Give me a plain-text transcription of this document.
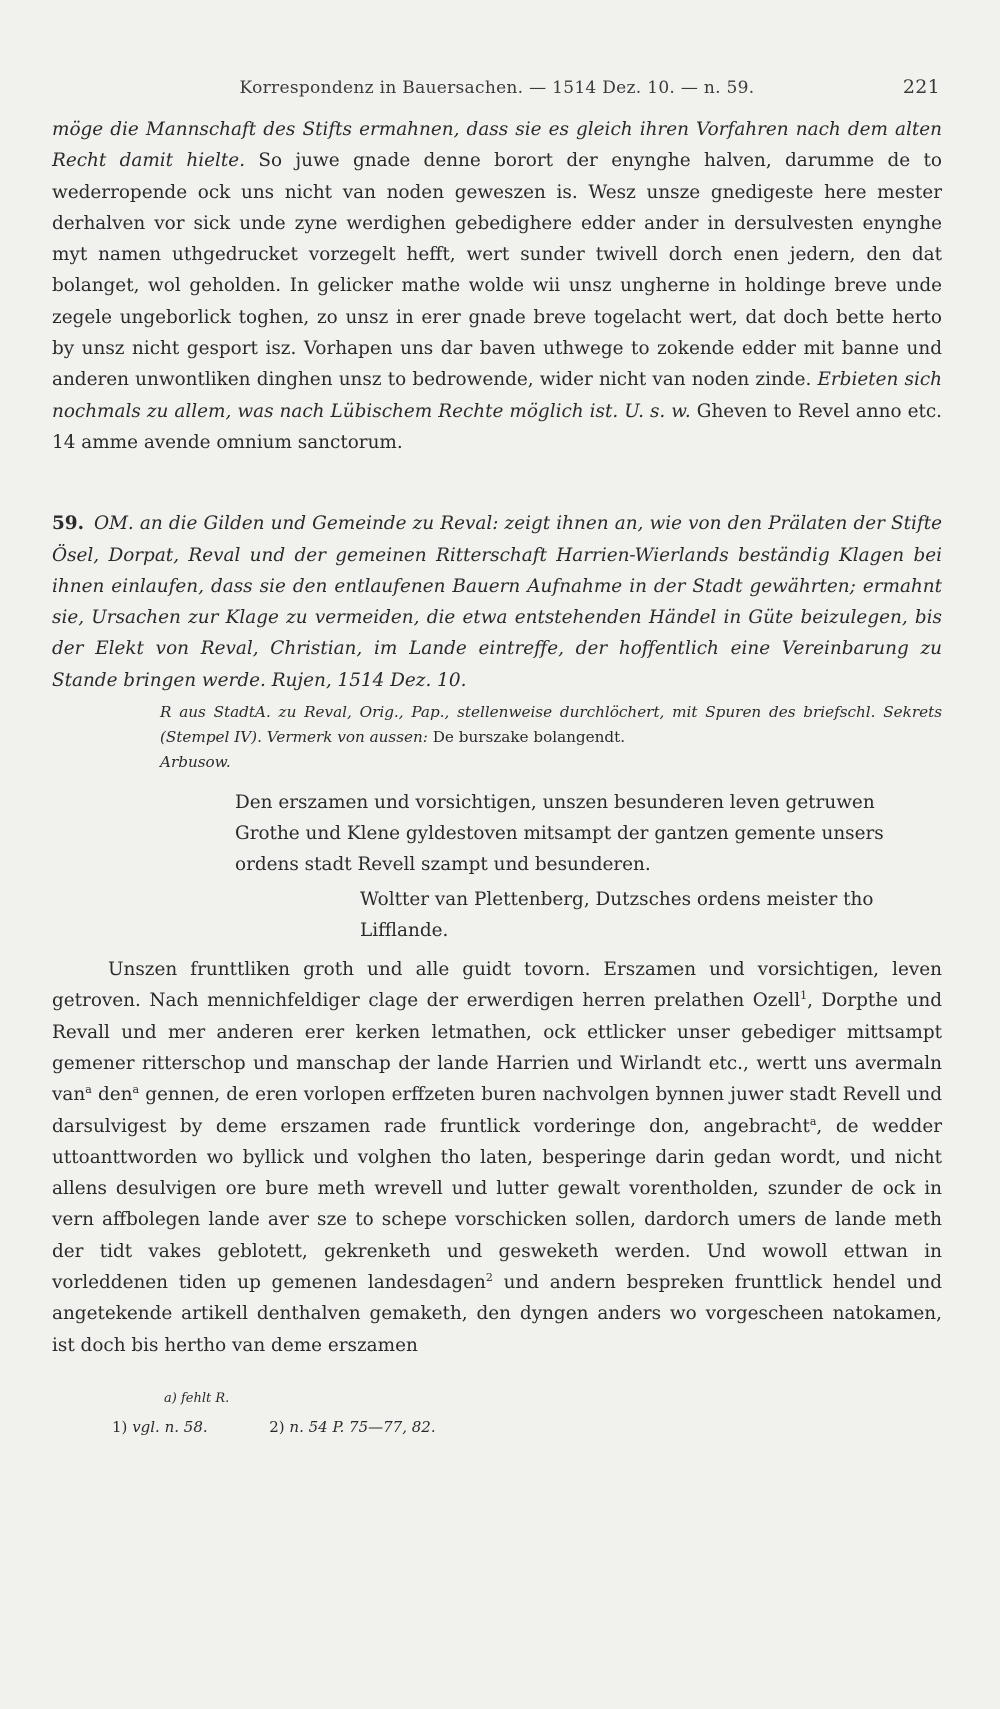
Korrespondenz in Bauersachen. — 1514 Dez. 10. — n. 59.	221

möge die Mannschaft des Stifts ermahnen, dass sie es gleich ihren Vorfahren nach dem alten Recht damit hielte. So juwe gnade denne borort der enynghe halven, darumme de to wederropende ock uns nicht van noden geweszen is. Wesz unsze gnedigeste here mester derhalven vor sick unde zyne werdighen gebedighere edder ander in dersulvesten enynghe myt namen uthgedrucket vorzegelt hefft, wert sunder twivell dorch enen jedern, den dat bolanget, wol geholden. In gelicker mathe wolde wii unsz ungherne in holdinge breve unde zegele ungeborlick toghen, zo unsz in erer gnade breve togelacht wert, dat doch bette herto by unsz nicht gesport isz. Vorhapen uns dar baven uthwege to zokende edder mit banne und anderen unwontliken dinghen unsz to bedrowende, wider nicht van noden zinde. Erbieten sich nochmals zu allem, was nach Lübischem Rechte möglich ist. U. s. w. Gheven to Revel anno etc. 14 amme avende omnium sanctorum.

59. OM. an die Gilden und Gemeinde zu Reval: zeigt ihnen an, wie von den Prälaten der Stifte Ösel, Dorpat, Reval und der gemeinen Ritterschaft Harrien-Wierlands beständig Klagen bei ihnen einlaufen, dass sie den entlaufenen Bauern Aufnahme in der Stadt gewährten; ermahnt sie, Ursachen zur Klage zu vermeiden, die etwa entstehenden Händel in Güte beizulegen, bis der Elekt von Reval, Christian, im Lande eintreffe, der hoffentlich eine Vereinbarung zu Stande bringen werde. Rujen, 1514 Dez. 10.

R aus StadtA. zu Reval, Orig., Pap., stellenweise durchlöchert, mit Spuren des briefschl. Sekrets (Stempel IV). Vermerk von aussen: De burszake bolangendt.
Arbusow.

Den erszamen und vorsichtigen, unszen besunderen leven getruwen Grothe und Klene gyldestoven mitsampt der gantzen gemente unsers ordens stadt Revell szampt und besunderen.

Woltter van Plettenberg, Dutzsches ordens meister tho Lifflande.

Unszen frunttliken groth und alle guidt tovorn. Erszamen und vorsichtigen, leven getroven. Nach mennichfeldiger clage der erwerdigen herren prelathen Ozell$^1$, Dorpthe und Revall und mer anderen erer kerken letmathen, ock ettlicker unser gebediger mittsampt gemener ritterschop und manschap der lande Harrien und Wirlandt etc., wertt uns avermaln van$^a$ den$^a$ gennen, de eren vorlopen erffzeten buren nachvolgen bynnen juwer stadt Revell und darsulvigest by deme erszamen rade fruntlick vorderinge don, angebracht$^a$, de wedder uttoanttworden wo byllick und volghen tho laten, besperinge darin gedan wordt, und nicht allens desulvigen ore bure meth wrevell und lutter gewalt vorentholden, szunder de ock in vern affbolegen lande aver sze to schepe vorschicken sollen, dardorch umers de lande meth der tidt vakes geblotett, gekrenketh und gesweketh werden. Und wowoll ettwan in vorleddenen tiden up gemenen landesdagen$^2$ und andern bespreken frunttlick hendel und angetekende artikell denthalven gemaketh, den dyngen anders wo vorgescheen natokamen, ist doch bis hertho van deme erszamen

a) fehlt R.
1) vgl. n. 58.	2) n. 54 P. 75—77, 82.
